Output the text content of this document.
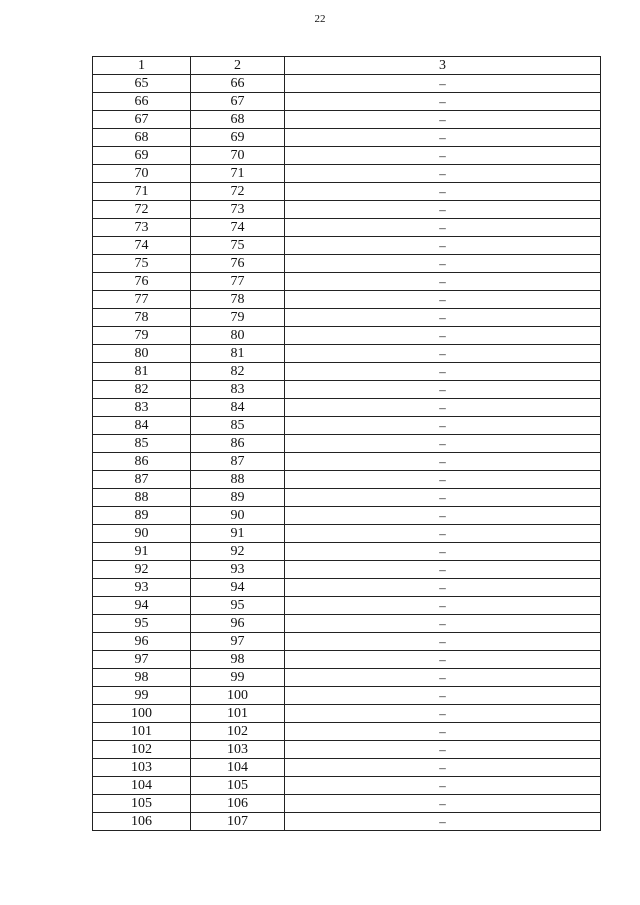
22
1	2	3
65	66	–
66	67	–
67	68	–
68	69	–
69	70	–
70	71	–
71	72	–
72	73	–
73	74	–
74	75	–
75	76	–
76	77	–
77	78	–
78	79	–
79	80	–
80	81	–
81	82	–
82	83	–
83	84	–
84	85	–
85	86	–
86	87	–
87	88	–
88	89	–
89	90	–
90	91	–
91	92	–
92	93	–
93	94	–
94	95	–
95	96	–
96	97	–
97	98	–
98	99	–
99	100	–
100	101	–
101	102	–
102	103	–
103	104	–
104	105	–
105	106	–
106	107	–
